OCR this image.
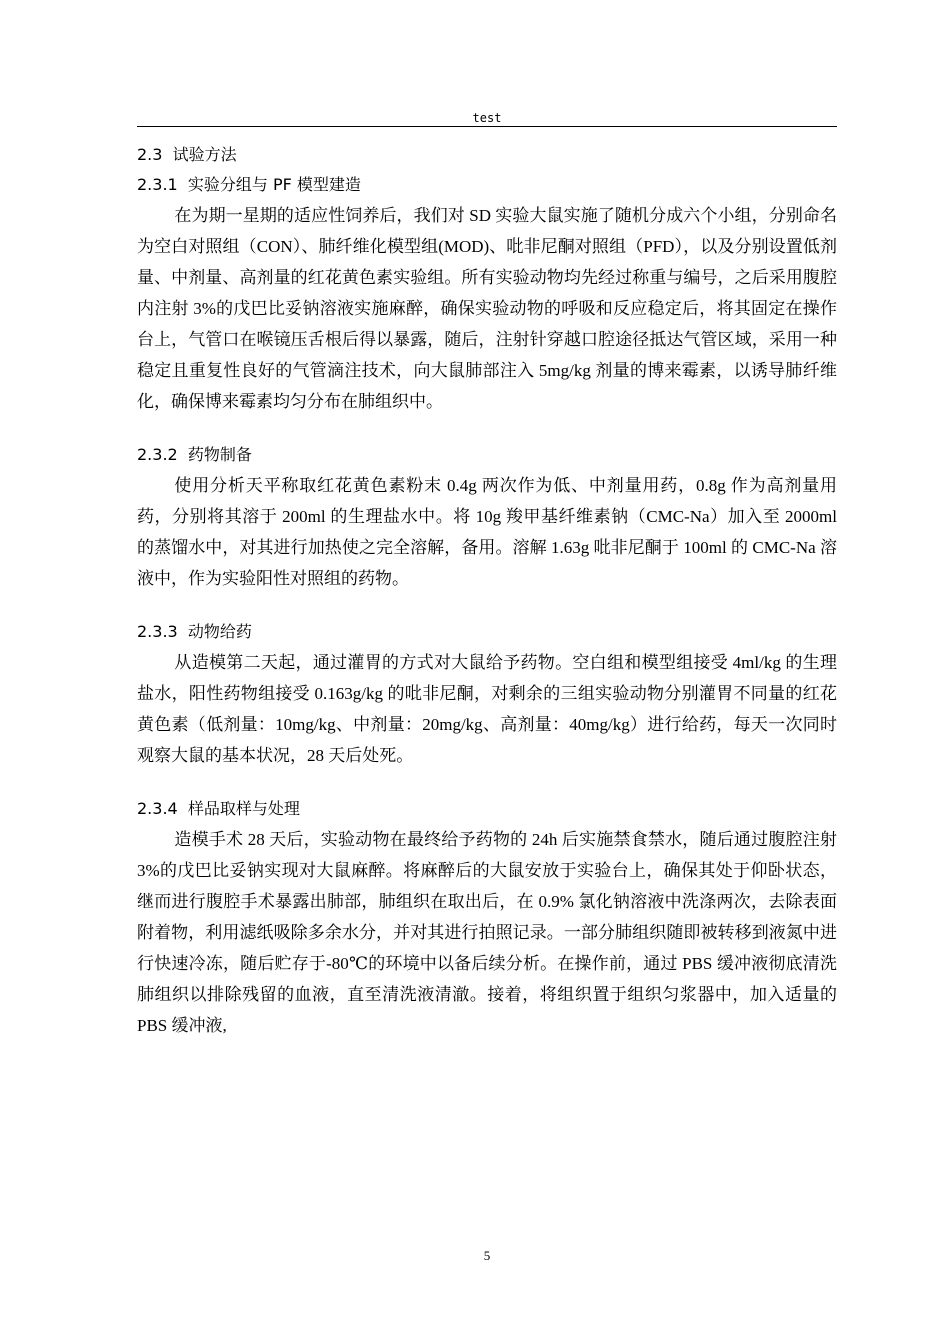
test
2.3  试验方法
2.3.1  实验分组与 PF 模型建造

在为期一星期的适应性饲养后，我们对 SD 实验大鼠实施了随机分成六个小组，分别命名为空白对照组（CON）、肺纤维化模型组(MOD)、吡非尼酮对照组（PFD），以及分别设置低剂量、中剂量、高剂量的红花黄色素实验组。所有实验动物均先经过称重与编号，之后采用腹腔内注射 3%的戊巴比妥钠溶液实施麻醉，确保实验动物的呼吸和反应稳定后，将其固定在操作台上，气管口在喉镜压舌根后得以暴露，随后，注射针穿越口腔途径抵达气管区域，采用一种稳定且重复性良好的气管滴注技术，向大鼠肺部注入 5mg/kg 剂量的博来霉素，以诱导肺纤维化，确保博来霉素均匀分布在肺组织中。

2.3.2  药物制备

使用分析天平称取红花黄色素粉末 0.4g 两次作为低、中剂量用药，0.8g 作为高剂量用药，分别将其溶于 200ml 的生理盐水中。将 10g 羧甲基纤维素钠（CMC-Na）加入至 2000ml 的蒸馏水中，对其进行加热使之完全溶解，备用。溶解 1.63g 吡非尼酮于 100ml 的 CMC-Na 溶液中，作为实验阳性对照组的药物。

2.3.3  动物给药

从造模第二天起，通过灌胃的方式对大鼠给予药物。空白组和模型组接受 4ml/kg 的生理盐水，阳性药物组接受 0.163g/kg 的吡非尼酮，对剩余的三组实验动物分别灌胃不同量的红花黄色素（低剂量：10mg/kg、中剂量：20mg/kg、高剂量：40mg/kg）进行给药，每天一次同时观察大鼠的基本状况，28 天后处死。

2.3.4  样品取样与处理

造模手术 28 天后，实验动物在最终给予药物的 24h 后实施禁食禁水，随后通过腹腔注射 3%的戊巴比妥钠实现对大鼠麻醉。将麻醉后的大鼠安放于实验台上，确保其处于仰卧状态，继而进行腹腔手术暴露出肺部，肺组织在取出后，在 0.9% 氯化钠溶液中洗涤两次，去除表面附着物，利用滤纸吸除多余水分，并对其进行拍照记录。一部分肺组织随即被转移到液氮中进行快速冷冻，随后贮存于-80℃的环境中以备后续分析。在操作前，通过 PBS 缓冲液彻底清洗肺组织以排除残留的血液，直至清洗液清澈。接着，将组织置于组织匀浆器中，加入适量的 PBS 缓冲液,

5
